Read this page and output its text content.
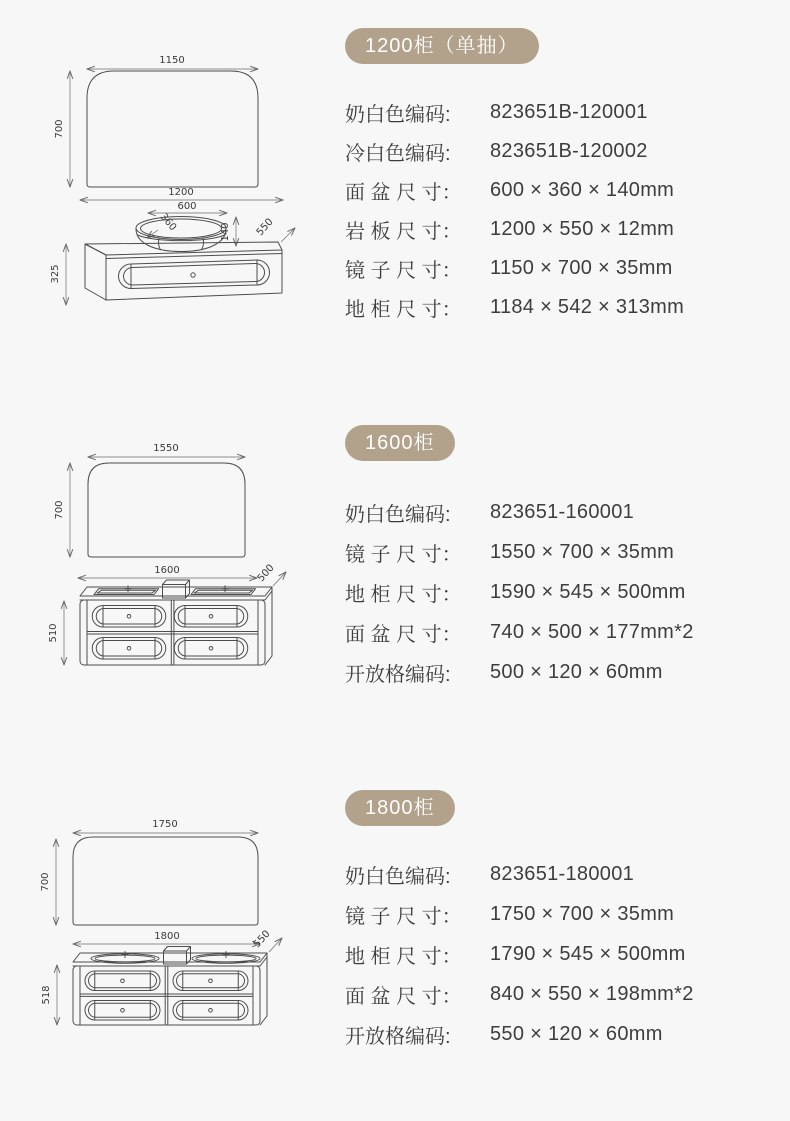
1150
700
1200
600
360	140 550
325
1200柜（单抽）
奶白色编码:	823651B-120001
冷白色编码:	823651B-120002
面 盆 尺 寸：	600 × 360 × 140mm
岩 板 尺 寸：	1200 × 550 × 12mm
镜 子 尺 寸：	1150 × 700 × 35mm
地 柜 尺 寸：	1184 × 542 × 313mm
1550
700
1600	500
510
1600柜
奶白色编码:	823651-160001
镜 子 尺 寸：	1550 × 700 × 35mm
地 柜 尺 寸：	1590 × 545 × 500mm
面 盆 尺 寸：	740 × 500 × 177mm*2
开放格编码:	500 × 120 × 60mm
1750
700
1800	550
518
1800柜
奶白色编码:	823651-180001
镜 子 尺 寸：	1750 × 700 × 35mm
地 柜 尺 寸：	1790 × 545 × 500mm
面 盆 尺 寸：	840 × 550 × 198mm*2
开放格编码:	550 × 120 × 60mm
